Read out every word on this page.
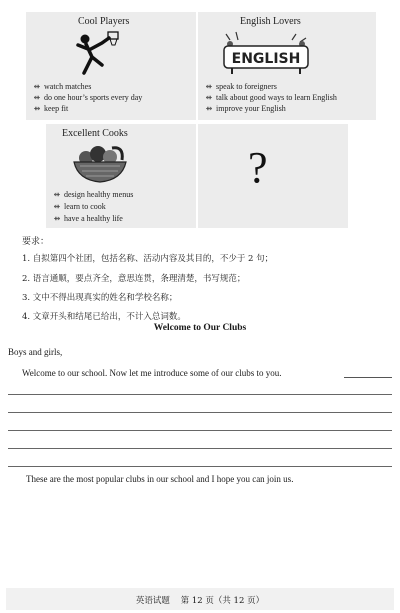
Cool Players
⇺ watch matches
⇺ do one hour’s sports every day
⇻ keep fit
English Lovers
ENGLISH
⇺ speak to foreigners
⇺ talk about good ways to learn English
⇻ improve your English
Excellent Cooks
⇺ design healthy menus
⇺ learn to cook
⇻ have a healthy life
?
要求：
1. 自拟第四个社团，包括名称、活动内容及其目的，不少于 2 句；
2. 语言通顺，要点齐全，意思连贯，条理清楚，书写规范；
3. 文中不得出现真实的姓名和学校名称；
4. 文章开头和结尾已给出，不计入总词数。
Welcome to Our Clubs
Boys and girls,
Welcome to our school. Now let me introduce some of our clubs to you.
These are the most popular clubs in our school and I hope you can join us.
英语试题 第 12 页（共 12 页）
